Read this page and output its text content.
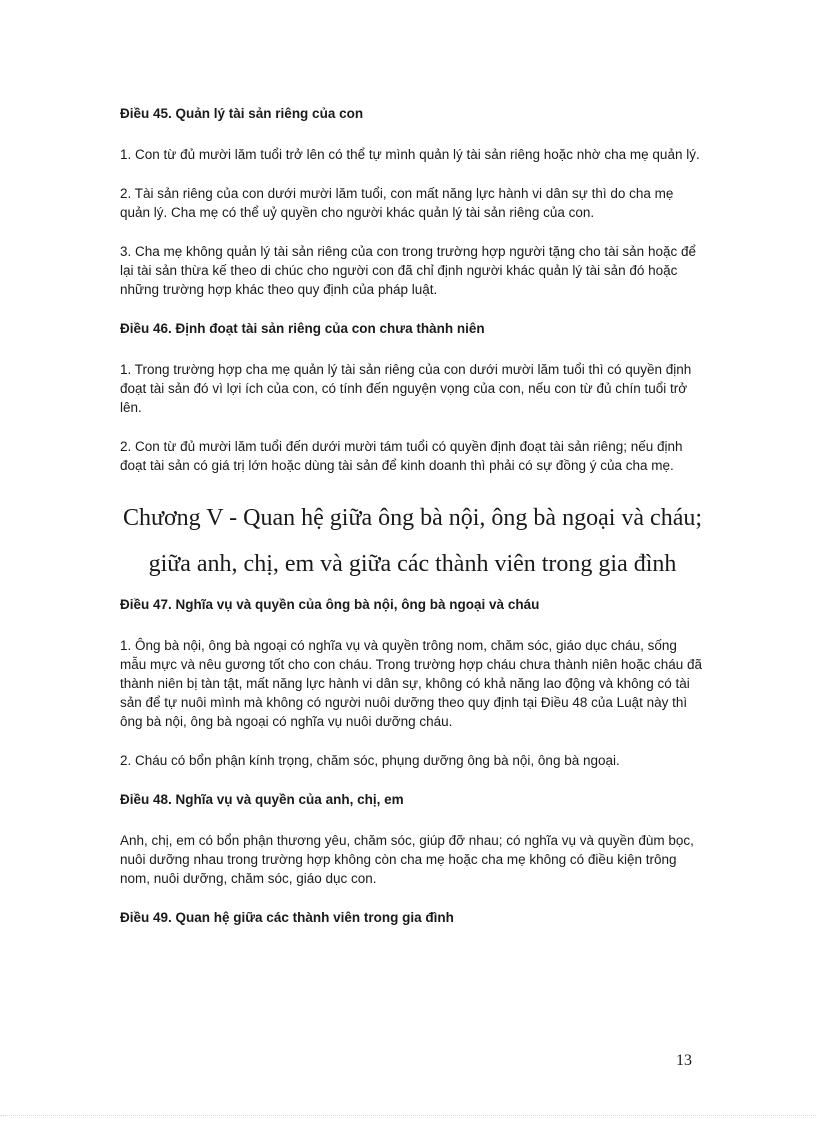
Điều 45. Quản lý tài sản riêng của con
1. Con từ đủ mười lăm tuổi trở lên có thể tự mình quản lý tài sản riêng hoặc nhờ cha mẹ quản lý.
2. Tài sản riêng của con dưới mười lăm tuổi, con mất năng lực hành vi dân sự thì do cha mẹ quản lý. Cha mẹ có thể uỷ quyền cho người khác quản lý tài sản riêng của con.
3. Cha mẹ không quản lý tài sản riêng của con trong trường hợp người tặng cho tài sản hoặc để lại tài sản thừa kế theo di chúc cho người con đã chỉ định người khác quản lý tài sản đó hoặc những trường hợp khác theo quy định của pháp luật.
Điều 46. Định đoạt tài sản riêng của con chưa thành niên
1. Trong trường hợp cha mẹ quản lý tài sản riêng của con dưới mười lăm tuổi thì có quyền định đoạt tài sản đó vì lợi ích của con, có tính đến nguyện vọng của con, nếu con từ đủ chín tuổi trở lên.
2. Con từ đủ mười lăm tuổi đến dưới mười tám tuổi có quyền định đoạt tài sản riêng; nếu định đoạt tài sản có giá trị lớn hoặc dùng tài sản để kinh doanh thì phải có sự đồng ý của cha mẹ.
Chương V - Quan hệ giữa ông bà nội, ông bà ngoại và cháu;
giữa anh, chị, em và giữa các thành viên trong gia đình
Điều 47. Nghĩa vụ và quyền của ông bà nội, ông bà ngoại và cháu
1. Ông bà nội, ông bà ngoại có nghĩa vụ và quyền trông nom, chăm sóc, giáo dục cháu, sống mẫu mực và nêu gương tốt cho con cháu. Trong trường hợp cháu chưa thành niên hoặc cháu đã thành niên bị tàn tật, mất năng lực hành vi dân sự, không có khả năng lao động và không có tài sản để tự nuôi mình mà không có người nuôi dưỡng theo quy định tại Điều 48 của Luật này thì ông bà nội, ông bà ngoại có nghĩa vụ nuôi dưỡng cháu.
2. Cháu có bổn phận kính trọng, chăm sóc, phụng dưỡng ông bà nội, ông bà ngoại.
Điều 48. Nghĩa vụ và quyền của anh, chị, em
Anh, chị, em có bổn phận thương yêu, chăm sóc, giúp đỡ nhau; có nghĩa vụ và quyền đùm bọc, nuôi dưỡng nhau trong trường hợp không còn cha mẹ hoặc cha mẹ không có điều kiện trông nom, nuôi dưỡng, chăm sóc, giáo dục con.
Điều 49. Quan hệ giữa các thành viên trong gia đình
13
